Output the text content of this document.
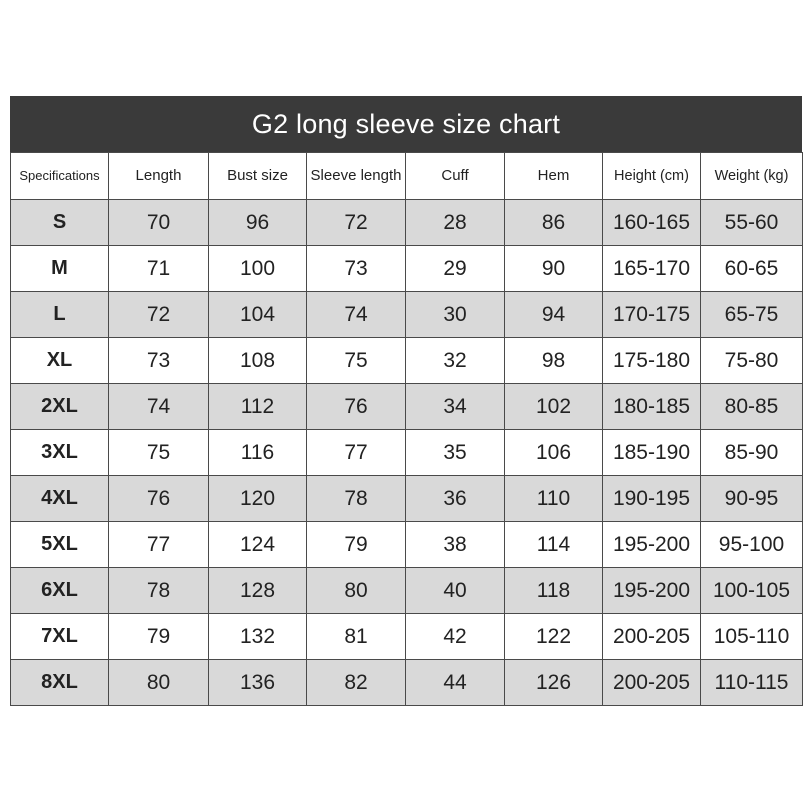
G2 long sleeve size chart
Specifications	Length	Bust size	Sleeve length	Cuff	Hem	Height (cm)	Weight (kg)
S	70	96	72	28	86	160-165	55-60
M	71	100	73	29	90	165-170	60-65
L	72	104	74	30	94	170-175	65-75
XL	73	108	75	32	98	175-180	75-80
2XL	74	112	76	34	102	180-185	80-85
3XL	75	116	77	35	106	185-190	85-90
4XL	76	120	78	36	110	190-195	90-95
5XL	77	124	79	38	114	195-200	95-100
6XL	78	128	80	40	118	195-200	100-105
7XL	79	132	81	42	122	200-205	105-110
8XL	80	136	82	44	126	200-205	110-115
